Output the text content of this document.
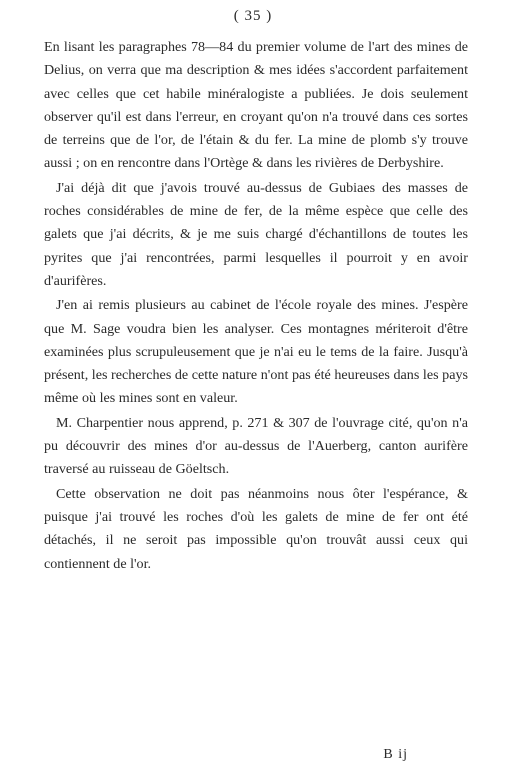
( 35 )

En lisant les paragraphes 78—84 du premier volume de l'art des mines de Delius, on verra que ma description & mes idées s'accordent parfaitement avec celles que cet habile minéralogiste a publiées. Je dois seulement observer qu'il est dans l'erreur, en croyant qu'on n'a trouvé dans ces sortes de terreins que de l'or, de l'étain & du fer. La mine de plomb s'y trouve aussi ; on en rencontre dans l'Ortège & dans les rivières de Derbyshire.

J'ai déjà dit que j'avois trouvé au-dessus de Gubiaes des masses de roches considérables de mine de fer, de la même espèce que celle des galets que j'ai décrits, & je me suis chargé d'échantillons de toutes les pyrites que j'ai rencontrées, parmi lesquelles il pourroit y en avoir d'aurifères.

J'en ai remis plusieurs au cabinet de l'école royale des mines. J'espère que M. Sage voudra bien les analyser. Ces montagnes mériteroit d'être examinées plus scrupuleusement que je n'ai eu le tems de la faire. Jusqu'à présent, les recherches de cette nature n'ont pas été heureuses dans les pays même où les mines sont en valeur.

M. Charpentier nous apprend, p. 271 & 307 de l'ouvrage cité, qu'on n'a pu découvrir des mines d'or au-dessus de l'Auerberg, canton aurifère traversé au ruisseau de Göeltsch.

Cette observation ne doit pas néanmoins nous ôter l'espérance, & puisque j'ai trouvé les roches d'où les galets de mine de fer ont été détachés, il ne seroit pas impossible qu'on trouvât aussi ceux qui contiennent de l'or.

B ij
